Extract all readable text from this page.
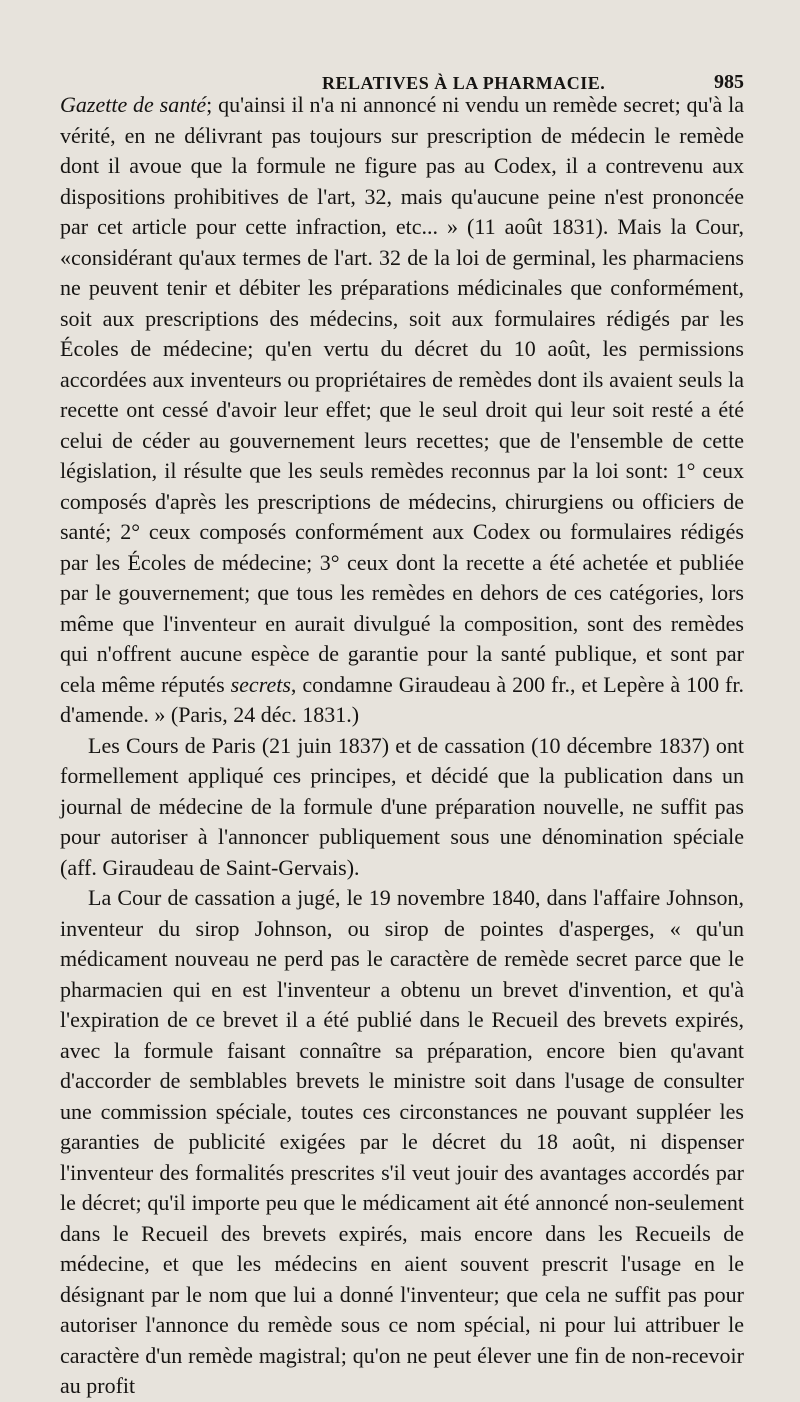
RELATIVES À LA PHARMACIE.	985

Gazette de santé; qu'ainsi il n'a ni annoncé ni vendu un remède secret; qu'à la vérité, en ne délivrant pas toujours sur prescription de médecin le remède dont il avoue que la formule ne figure pas au Codex, il a contrevenu aux dispositions prohibitives de l'art, 32, mais qu'aucune peine n'est prononcée par cet article pour cette infraction, etc... » (11 août 1831). Mais la Cour, «considérant qu'aux termes de l'art. 32 de la loi de germinal, les pharmaciens ne peuvent tenir et débiter les préparations médicinales que conformément, soit aux prescriptions des médecins, soit aux formulaires rédigés par les Écoles de médecine; qu'en vertu du décret du 10 août, les permissions accordées aux inventeurs ou propriétaires de remèdes dont ils avaient seuls la recette ont cessé d'avoir leur effet; que le seul droit qui leur soit resté a été celui de céder au gouvernement leurs recettes; que de l'ensemble de cette législation, il résulte que les seuls remèdes reconnus par la loi sont: 1° ceux composés d'après les prescriptions de médecins, chirurgiens ou officiers de santé; 2° ceux composés conformément aux Codex ou formulaires rédigés par les Écoles de médecine; 3° ceux dont la recette a été achetée et publiée par le gouvernement; que tous les remèdes en dehors de ces catégories, lors même que l'inventeur en aurait divulgué la composition, sont des remèdes qui n'offrent aucune espèce de garantie pour la santé publique, et sont par cela même réputés secrets, condamne Giraudeau à 200 fr., et Lepère à 100 fr. d'amende. » (Paris, 24 déc. 1831.)

Les Cours de Paris (21 juin 1837) et de cassation (10 décembre 1837) ont formellement appliqué ces principes, et décidé que la publication dans un journal de médecine de la formule d'une préparation nouvelle, ne suffit pas pour autoriser à l'annoncer publiquement sous une dénomination spéciale (aff. Giraudeau de Saint-Gervais).

La Cour de cassation a jugé, le 19 novembre 1840, dans l'affaire Johnson, inventeur du sirop Johnson, ou sirop de pointes d'asperges, « qu'un médicament nouveau ne perd pas le caractère de remède secret parce que le pharmacien qui en est l'inventeur a obtenu un brevet d'invention, et qu'à l'expiration de ce brevet il a été publié dans le Recueil des brevets expirés, avec la formule faisant connaître sa préparation, encore bien qu'avant d'accorder de semblables brevets le ministre soit dans l'usage de consulter une commission spéciale, toutes ces circonstances ne pouvant suppléer les garanties de publicité exigées par le décret du 18 août, ni dispenser l'inventeur des formalités prescrites s'il veut jouir des avantages accordés par le décret; qu'il importe peu que le médicament ait été annoncé non-seulement dans le Recueil des brevets expirés, mais encore dans les Recueils de médecine, et que les médecins en aient souvent prescrit l'usage en le désignant par le nom que lui a donné l'inventeur; que cela ne suffit pas pour autoriser l'annonce du remède sous ce nom spécial, ni pour lui attribuer le caractère d'un remède magistral; qu'on ne peut élever une fin de non-recevoir au profit
